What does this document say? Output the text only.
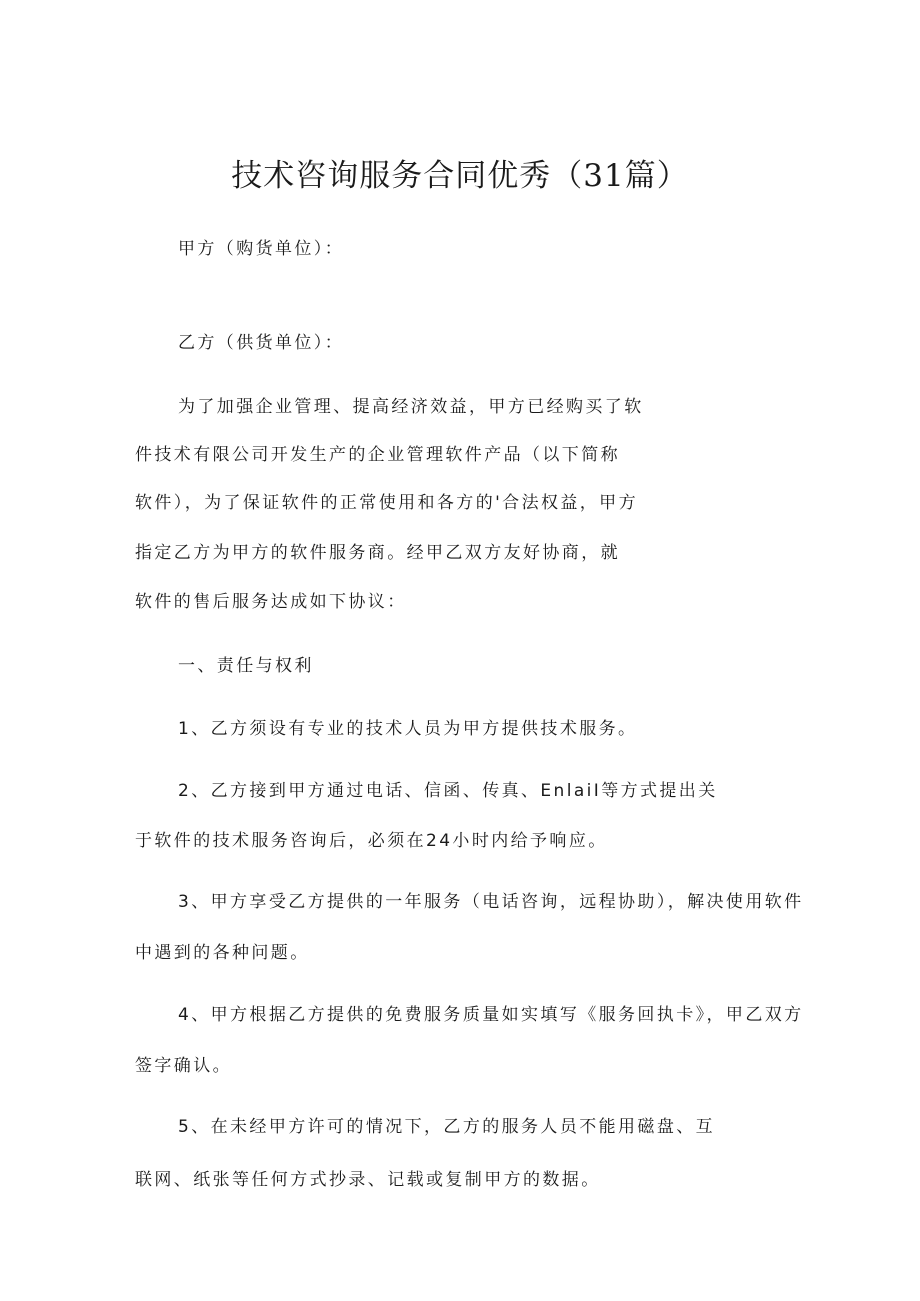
技术咨询服务合同优秀（31篇）
甲方（购货单位）：
乙方（供货单位）：
为了加强企业管理、提高经济效益，甲方已经购买了软
件技术有限公司开发生产的企业管理软件产品（以下简称
软件），为了保证软件的正常使用和各方的'合法权益，甲方
指定乙方为甲方的软件服务商。经甲乙双方友好协商，就
软件的售后服务达成如下协议：
一、责任与权利
1、乙方须设有专业的技术人员为甲方提供技术服务。
2、乙方接到甲方通过电话、信函、传真、EnlaiI等方式提出关
于软件的技术服务咨询后，必须在24小时内给予响应。
3、甲方享受乙方提供的一年服务（电话咨询，远程协助），解决使用软件
中遇到的各种问题。
4、甲方根据乙方提供的免费服务质量如实填写《服务回执卡》，甲乙双方
签字确认。
5、在未经甲方许可的情况下，乙方的服务人员不能用磁盘、互
联网、纸张等任何方式抄录、记载或复制甲方的数据。
